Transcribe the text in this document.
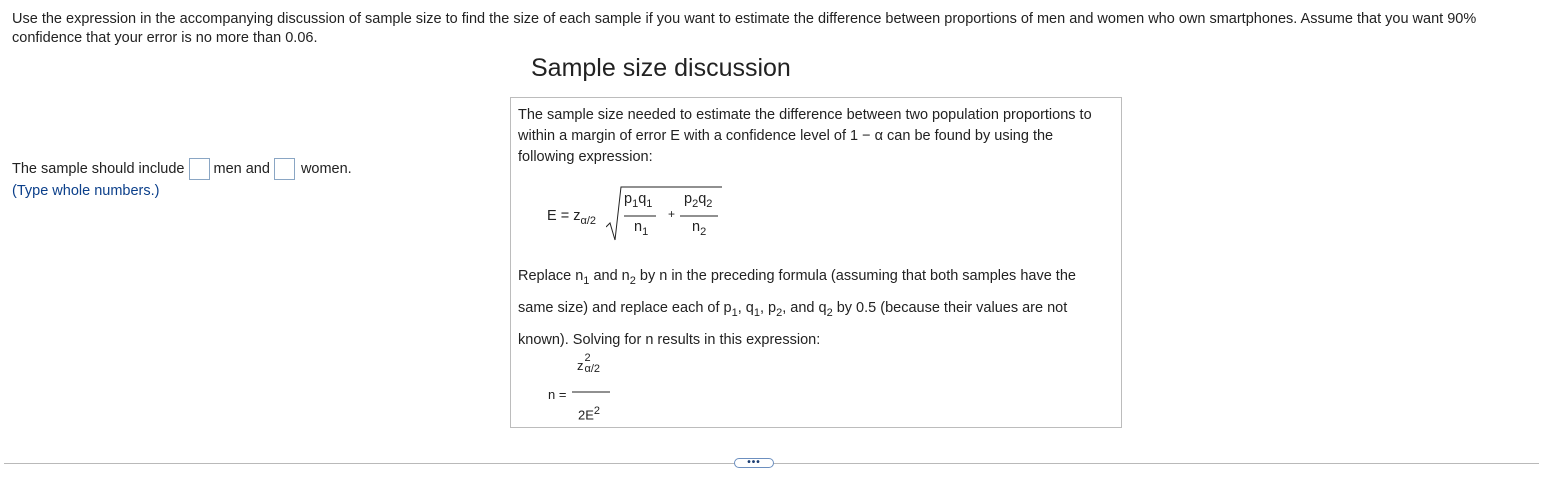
Use the expression in the accompanying discussion of sample size to find the size of each sample if you want to estimate the difference between proportions of men and women who own smartphones. Assume that you want 90% confidence that your error is no more than 0.06.
Sample size discussion
The sample should include men and women.
(Type whole numbers.)
The sample size needed to estimate the difference between two population proportions to within a margin of error E with a confidence level of 1 − α can be found by using the following expression:
$E = z_{\alpha/2}$
$p_1q_1$
$n_1$
+
$p_2q_2$
$n_2$
Replace $n_1$ and $n_2$ by n in the preceding formula (assuming that both samples have the same size) and replace each of $p_1$, $q_1$, $p_2$, and $q_2$ by 0.5 (because their values are not known). Solving for n results in this expression:
n =
z 2
α/2
$2E^2$
•••
